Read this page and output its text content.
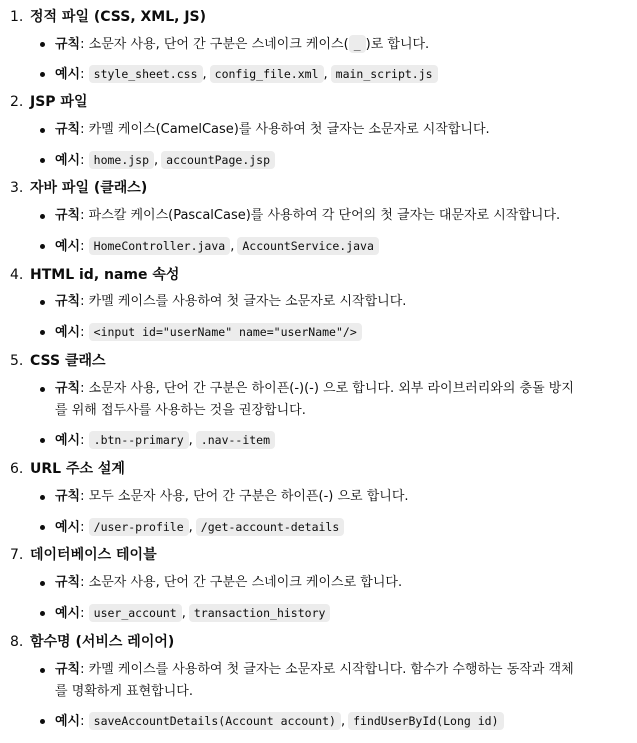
1. 정적 파일 (CSS, XML, JS)
규칙: 소문자 사용, 단어 간 구분은 스네이크 케이스( _ )로 합니다.
예시: style_sheet.css , config_file.xml , main_script.js
2. JSP 파일
규칙: 카멜 케이스(CamelCase)를 사용하여 첫 글자는 소문자로 시작합니다.
예시: home.jsp , accountPage.jsp
3. 자바 파일 (클래스)
규칙: 파스칼 케이스(PascalCase)를 사용하여 각 단어의 첫 글자는 대문자로 시작합니다.
예시: HomeController.java , AccountService.java
4. HTML id, name 속성
규칙: 카멜 케이스를 사용하여 첫 글자는 소문자로 시작합니다.
예시: <input id="userName" name="userName"/>
5. CSS 클래스
규칙: 소문자 사용, 단어 간 구분은 하이픈(-)(-) 으로 합니다. 외부 라이브러리와의 충돌 방지
를 위해 접두사를 사용하는 것을 권장합니다.
예시: .btn--primary , .nav--item
6. URL 주소 설계
규칙: 모두 소문자 사용, 단어 간 구분은 하이픈(-) 으로 합니다.
예시: /user-profile , /get-account-details
7. 데이터베이스 테이블
규칙: 소문자 사용, 단어 간 구분은 스네이크 케이스로 합니다.
예시: user_account , transaction_history
8. 함수명 (서비스 레이어)
규칙: 카멜 케이스를 사용하여 첫 글자는 소문자로 시작합니다. 함수가 수행하는 동작과 객체
를 명확하게 표현합니다.
예시: saveAccountDetails(Account account) , findUserById(Long id)
